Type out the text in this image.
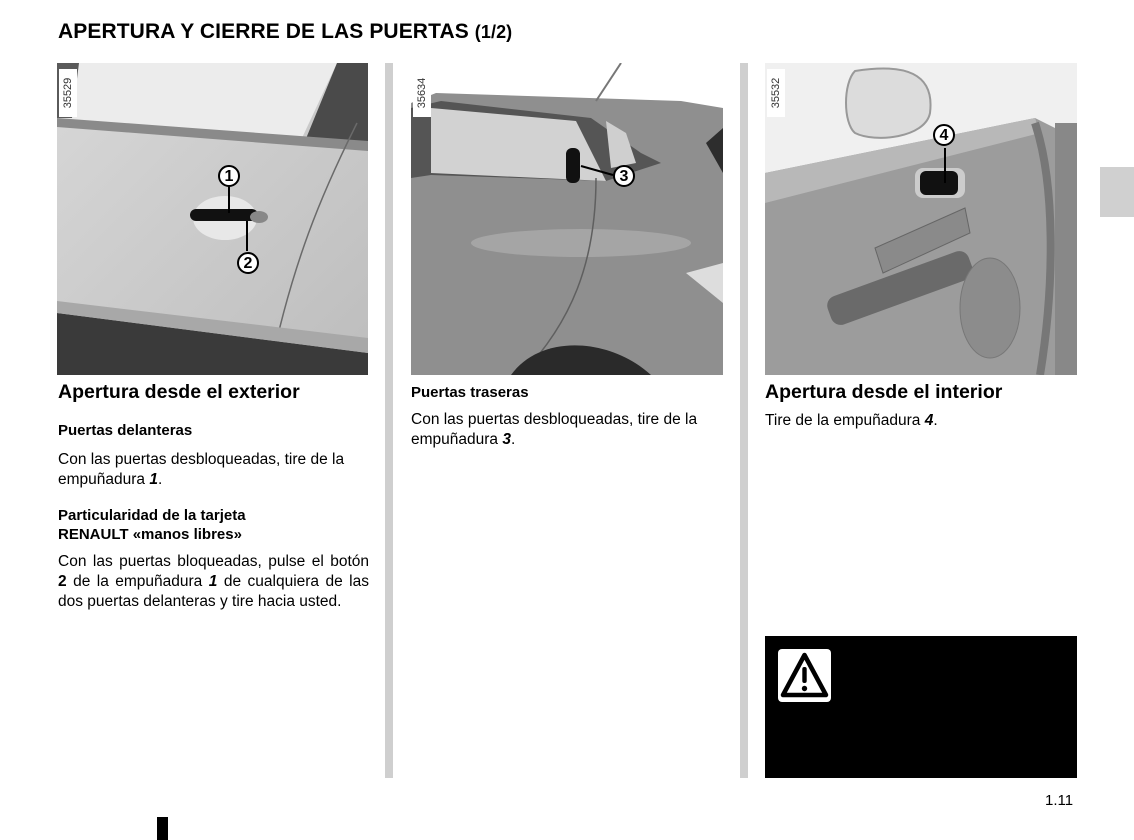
APERTURA Y CIERRE DE LAS PUERTAS (1/2)
35529
1
2
35634
3
35532
4
Apertura desde el exterior
Puertas delanteras

Con las puertas desbloqueadas, tire de la empuñadura 1.

Particularidad de la tarjeta
RENAULT «manos libres»

Con las puertas bloqueadas, pulse el botón 2 de la empuñadura 1 de cualquiera de las dos puertas delanteras y tire hacia usted.

Puertas traseras

Con las puertas desbloqueadas, tire de la empuñadura 3.

Apertura desde el interior

Tire de la empuñadura 4.

1.11
